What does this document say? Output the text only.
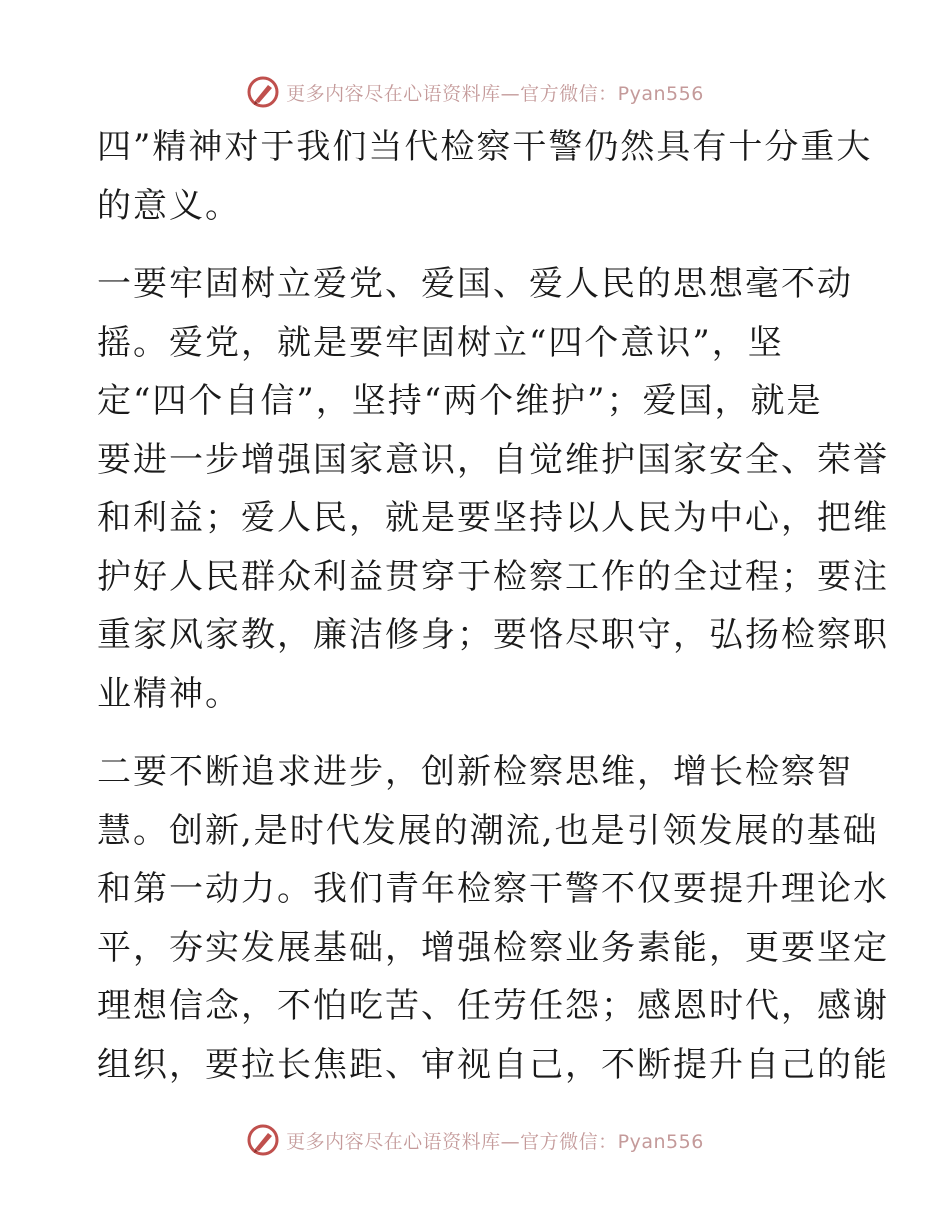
更多内容尽在心语资料库—官方微信：Pyan556

四”精神对于我们当代检察干警仍然具有十分重大
的意义。

一要牢固树立爱党、爱国、爱人民的思想毫不动
摇。爱党，就是要牢固树立“四个意识”，坚
定“四个自信”，坚持“两个维护”；爱国，就是
要进一步增强国家意识，自觉维护国家安全、荣誉
和利益；爱人民，就是要坚持以人民为中心，把维
护好人民群众利益贯穿于检察工作的全过程；要注
重家风家教，廉洁修身；要恪尽职守，弘扬检察职
业精神。

二要不断追求进步，创新检察思维，增长检察智
慧。创新,是时代发展的潮流,也是引领发展的基础
和第一动力。我们青年检察干警不仅要提升理论水
平，夯实发展基础，增强检察业务素能，更要坚定
理想信念，不怕吃苦、任劳任怨；感恩时代，感谢
组织，要拉长焦距、审视自己，不断提升自己的能

更多内容尽在心语资料库—官方微信：Pyan556
